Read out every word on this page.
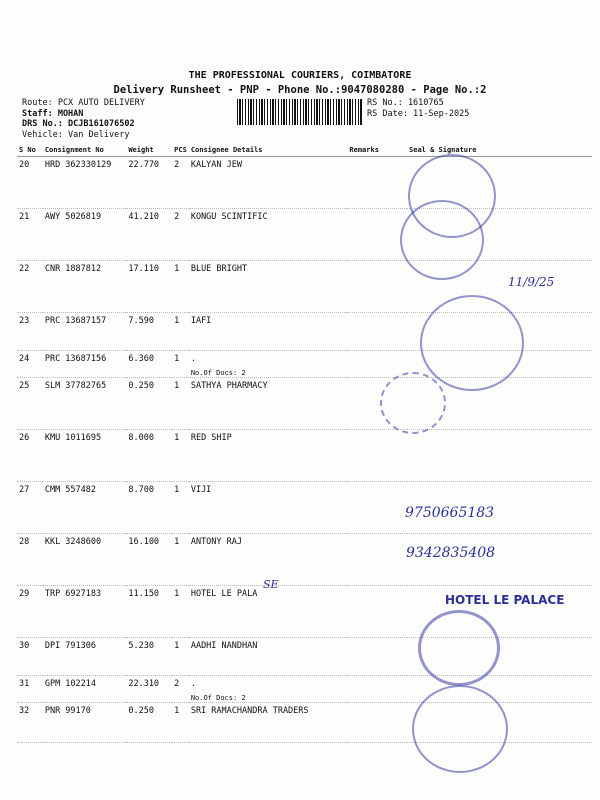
THE PROFESSIONAL COURIERS, COIMBATORE
Delivery Runsheet - PNP - Phone No.:9047080280 - Page No.:2
Route: PCX AUTO DELIVERY
Staff: MOHAN
DRS No.: DCJB161076502
Vehicle: Van Delivery
RS No.: 1610765
RS Date: 11-Sep-2025
S No	Consignment No	Weight	PCS	Consignee Details	Remarks	Seal & Signature
20	HRD 362330129	22.770	2	KALYAN JEW		
21	AWY 5026819	41.210	2	KONGU SCINTIFIC		
22	CNR 1887812	17.110	1	BLUE BRIGHT		
23	PRC 13687157	7.590	1	IAFI		
24	PRC 13687156	6.360	1	.
No.Of Docs: 2		

25	SLM 37782765	0.250	1	SATHYA PHARMACY		
26	KMU 1011695	8.000	1	RED SHIP		
27	CMM 557482	8.700	1	VIJI		
28	KKL 3248600	16.100	1	ANTONY RAJ		
29	TRP 6927183	11.150	1	HOTEL LE PALA		
30	DPI 791306	5.230	1	AADHI NANDHAN		
31	GPM 102214	22.310	2	.
No.Of Docs: 2		

32	PNR 99170	0.250	1	SRI RAMACHANDRA TRADERS		
11/9/25
9750665183
9342835408
SE
HOTEL LE PALACE
